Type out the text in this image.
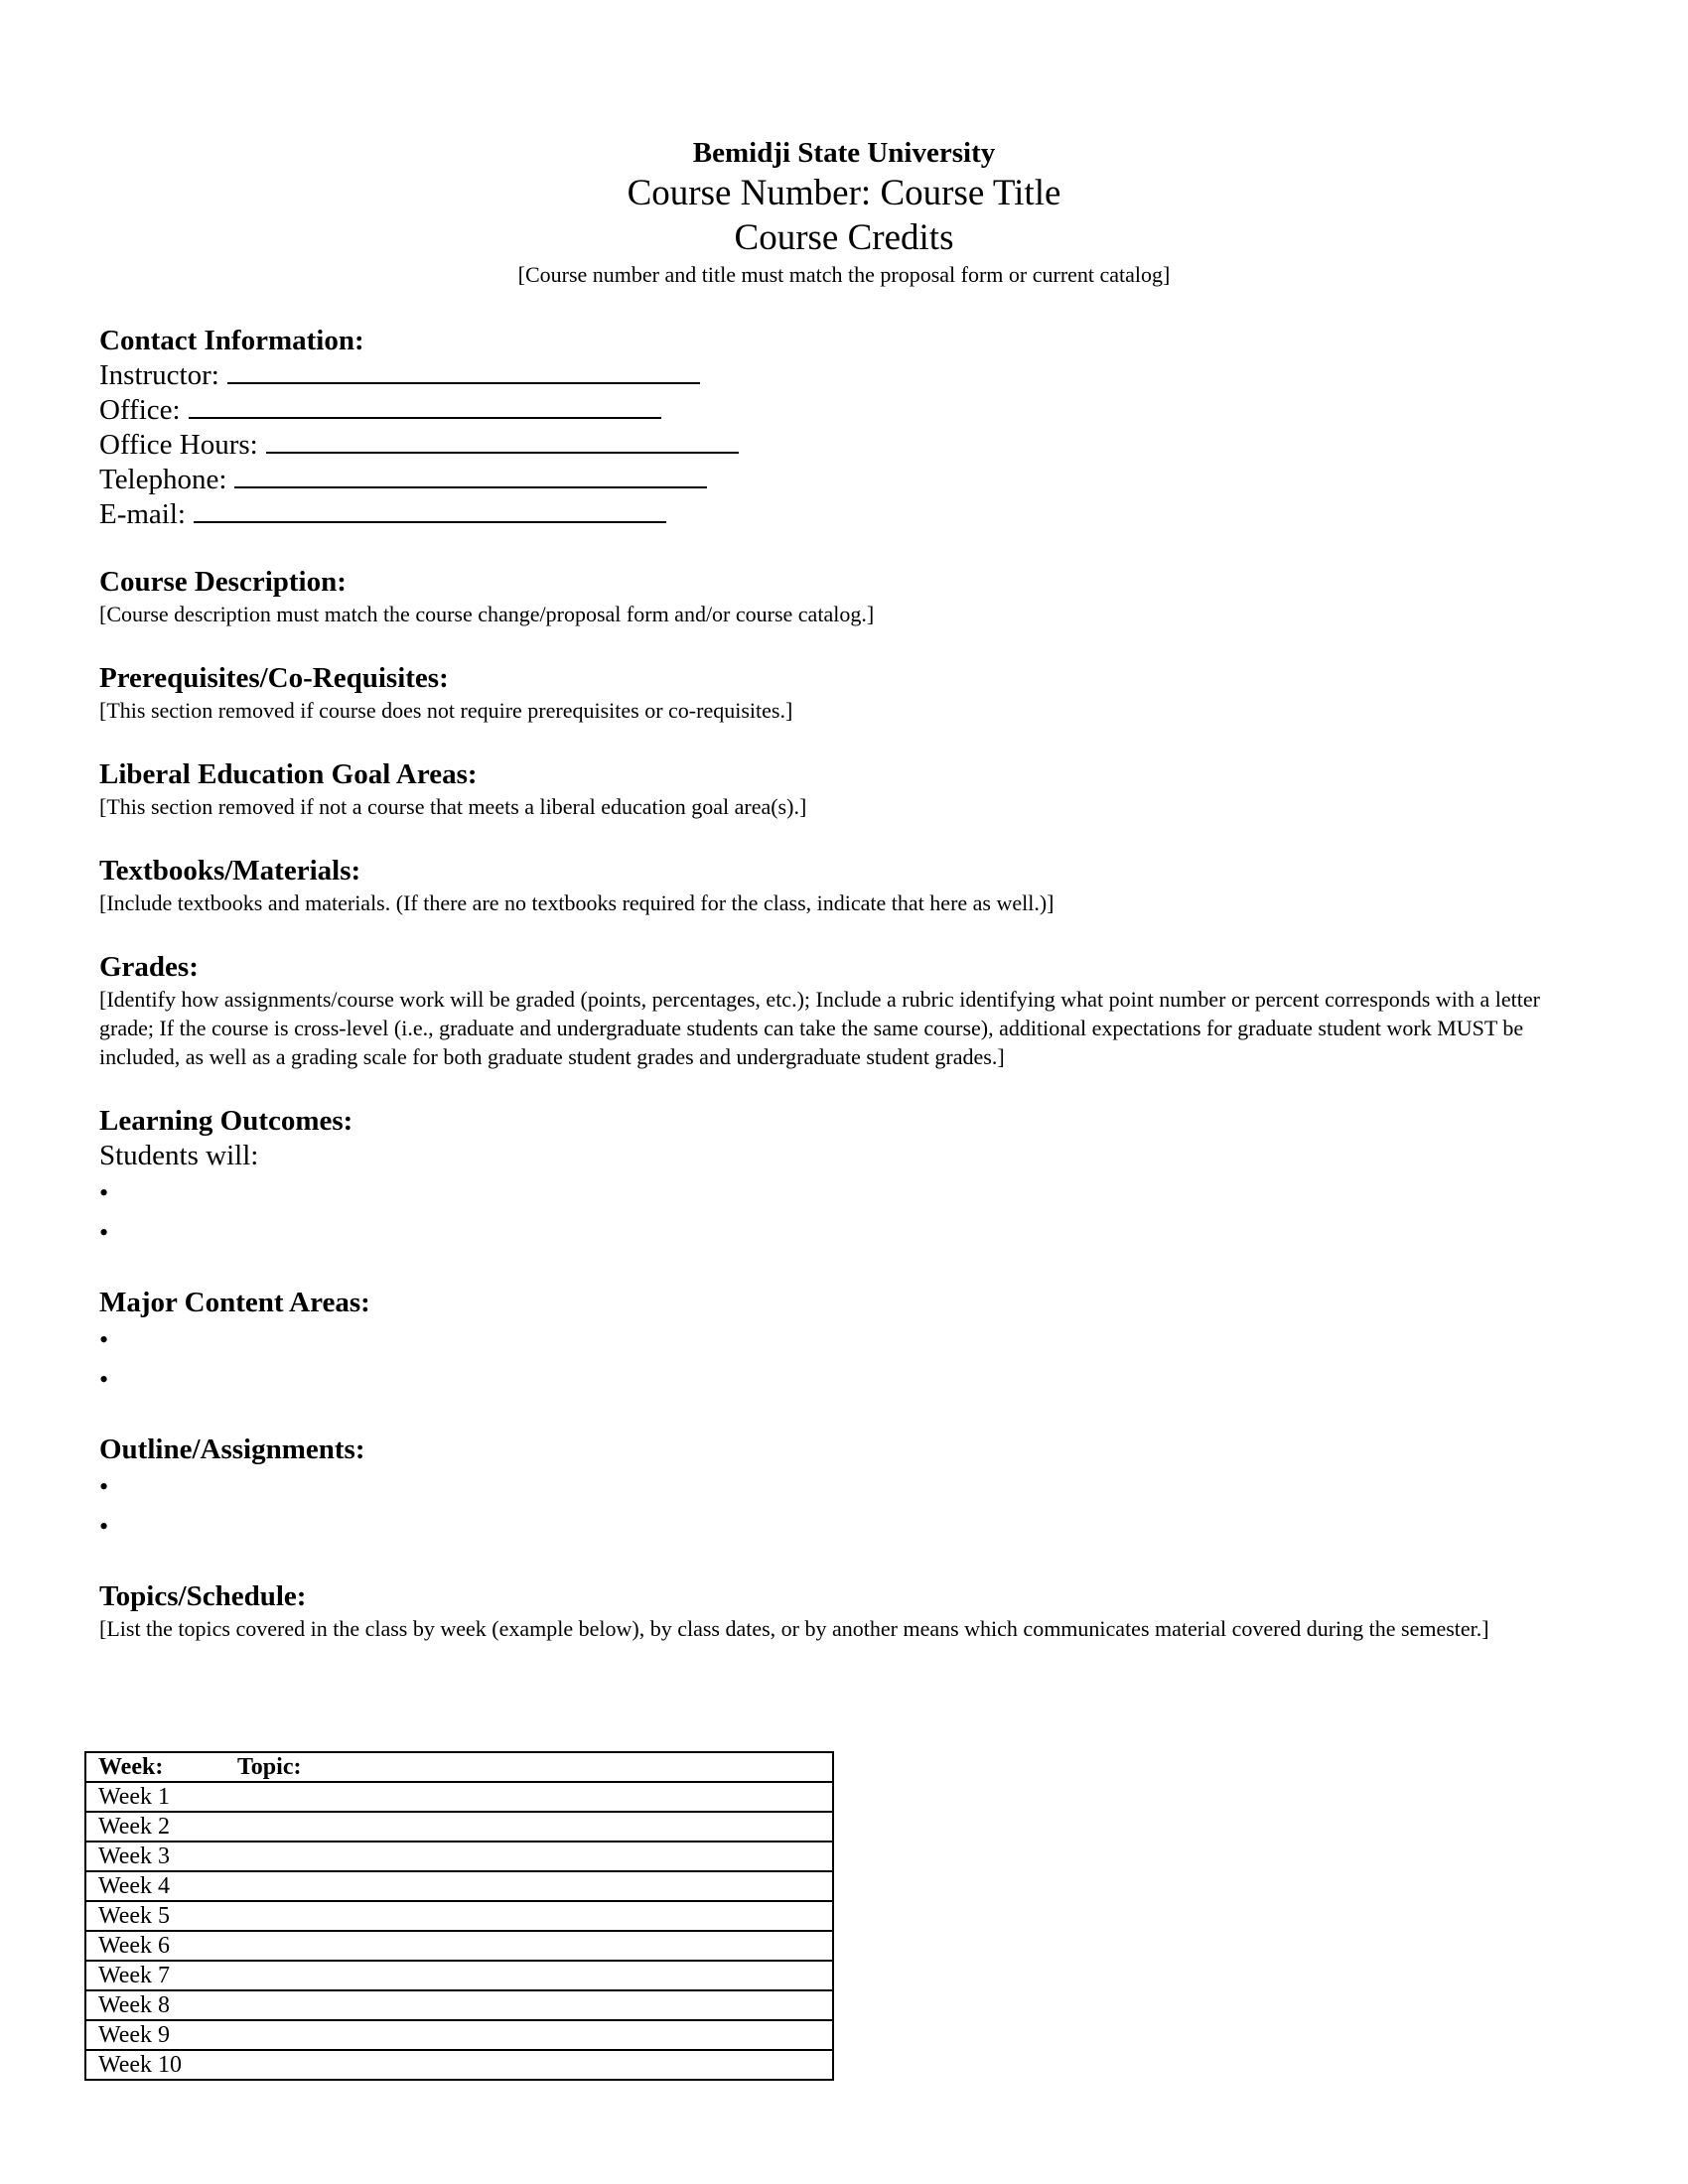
Bemidji State University
Course Number: Course Title
Course Credits
[Course number and title must match the proposal form or current catalog]

Contact Information:

Instructor:

Office:

Office Hours:

Telephone:

E-mail:

Course Description:

[Course description must match the course change/proposal form and/or course catalog.]

Prerequisites/Co-Requisites:

[This section removed if course does not require prerequisites or co-requisites.]

Liberal Education Goal Areas:

[This section removed if not a course that meets a liberal education goal area(s).]

Textbooks/Materials:

[Include textbooks and materials. (If there are no textbooks required for the class, indicate that here as well.)]

Grades:

[Identify how assignments/course work will be graded (points, percentages, etc.); Include a rubric identifying what point number or percent corresponds with a letter grade; If the course is cross-level (i.e., graduate and undergraduate students can take the same course), additional expectations for graduate student work MUST be included, as well as a grading scale for both graduate student grades and undergraduate student grades.]

Learning Outcomes:

Students will:

•
•

Major Content Areas:

•
•

Outline/Assignments:

•
•

Topics/Schedule:

[List the topics covered in the class by week (example below), by class dates, or by another means which communicates material covered during the semester.]

Week:	Topic:
Week 1
Week 2
Week 3
Week 4
Week 5
Week 6
Week 7
Week 8
Week 9
Week 10
